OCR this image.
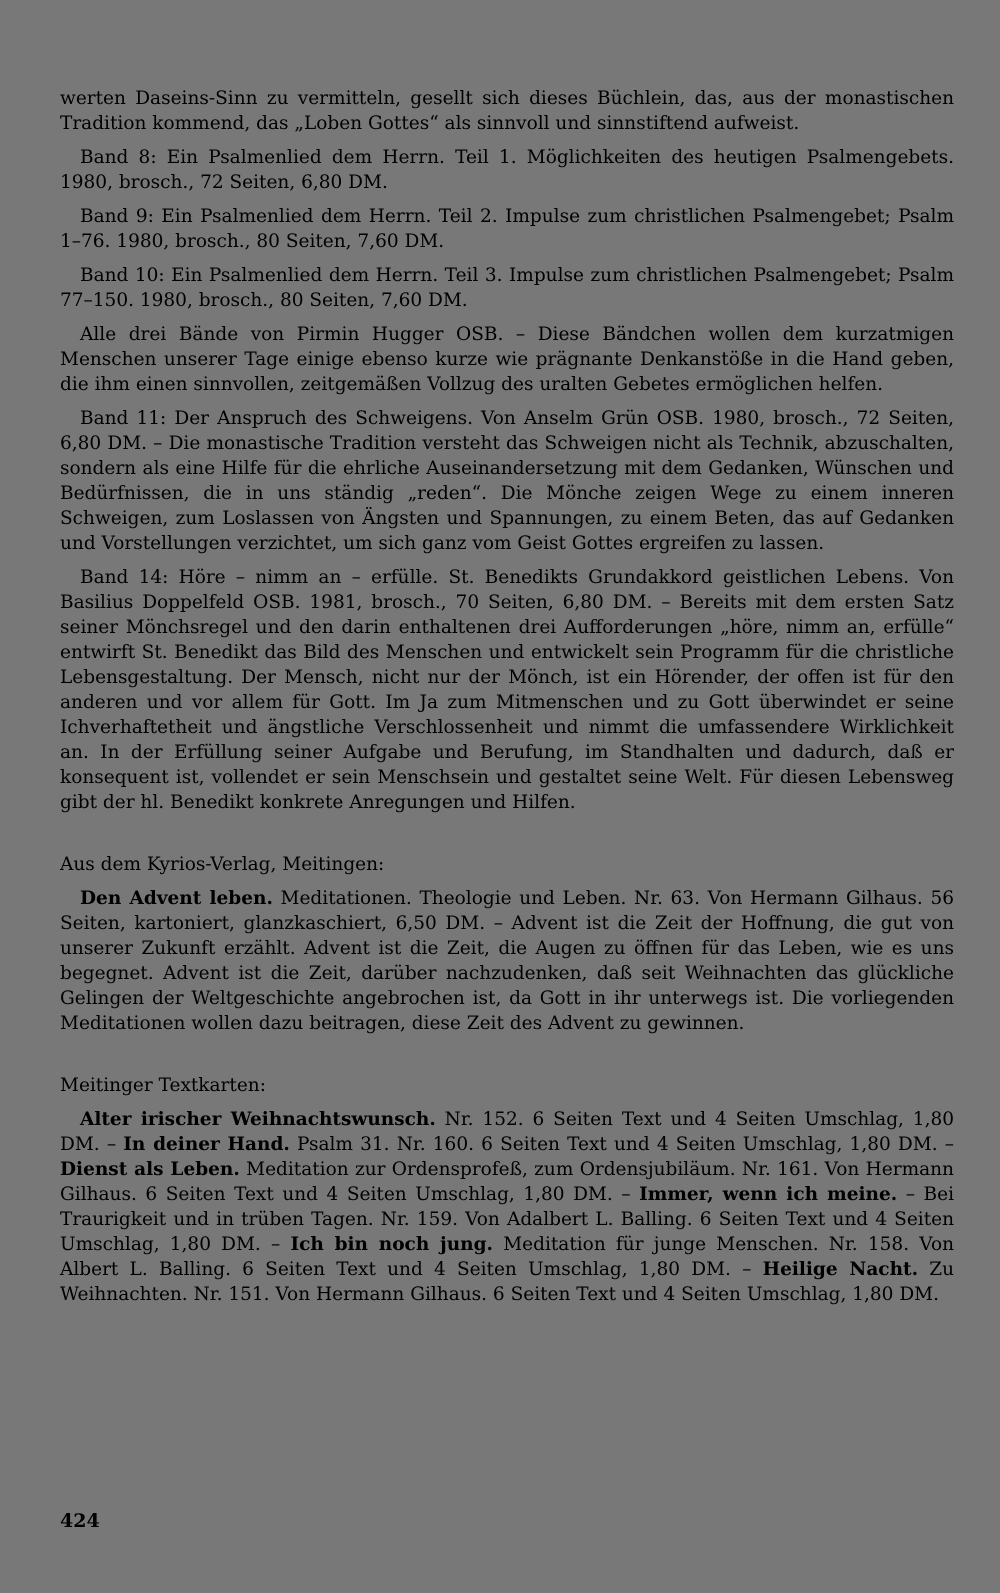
werten Daseins-Sinn zu vermitteln, gesellt sich dieses Büchlein, das, aus der monastischen Tradition kommend, das „Loben Gottes“ als sinnvoll und sinnstiftend aufweist.

Band 8: Ein Psalmenlied dem Herrn. Teil 1. Möglichkeiten des heutigen Psalmengebets. 1980, brosch., 72 Seiten, 6,80 DM.

Band 9: Ein Psalmenlied dem Herrn. Teil 2. Impulse zum christlichen Psalmengebet; Psalm 1–76. 1980, brosch., 80 Seiten, 7,60 DM.

Band 10: Ein Psalmenlied dem Herrn. Teil 3. Impulse zum christlichen Psalmengebet; Psalm 77–150. 1980, brosch., 80 Seiten, 7,60 DM.

Alle drei Bände von Pirmin Hugger OSB. – Diese Bändchen wollen dem kurzatmigen Menschen unserer Tage einige ebenso kurze wie prägnante Denkanstöße in die Hand geben, die ihm einen sinnvollen, zeitgemäßen Vollzug des uralten Gebetes ermöglichen helfen.

Band 11: Der Anspruch des Schweigens. Von Anselm Grün OSB. 1980, brosch., 72 Seiten, 6,80 DM. – Die monastische Tradition versteht das Schweigen nicht als Technik, abzuschalten, sondern als eine Hilfe für die ehrliche Auseinandersetzung mit dem Gedanken, Wünschen und Bedürfnissen, die in uns ständig „reden“. Die Mönche zeigen Wege zu einem inneren Schweigen, zum Loslassen von Ängsten und Spannungen, zu einem Beten, das auf Gedanken und Vorstellungen verzichtet, um sich ganz vom Geist Gottes ergreifen zu lassen.

Band 14: Höre – nimm an – erfülle. St. Benedikts Grundakkord geistlichen Lebens. Von Basilius Doppelfeld OSB. 1981, brosch., 70 Seiten, 6,80 DM. – Bereits mit dem ersten Satz seiner Mönchsregel und den darin enthaltenen drei Aufforderungen „höre, nimm an, erfülle“ entwirft St. Benedikt das Bild des Menschen und entwickelt sein Programm für die christliche Lebensgestaltung. Der Mensch, nicht nur der Mönch, ist ein Hörender, der offen ist für den anderen und vor allem für Gott. Im Ja zum Mitmenschen und zu Gott überwindet er seine Ichverhaftetheit und ängstliche Verschlossenheit und nimmt die umfassendere Wirklichkeit an. In der Erfüllung seiner Aufgabe und Berufung, im Standhalten und dadurch, daß er konsequent ist, vollendet er sein Menschsein und gestaltet seine Welt. Für diesen Lebensweg gibt der hl. Benedikt konkrete Anregungen und Hilfen.

Aus dem Kyrios-Verlag, Meitingen:

Den Advent leben. Meditationen. Theologie und Leben. Nr. 63. Von Hermann Gilhaus. 56 Seiten, kartoniert, glanzkaschiert, 6,50 DM. – Advent ist die Zeit der Hoffnung, die gut von unserer Zukunft erzählt. Advent ist die Zeit, die Augen zu öffnen für das Leben, wie es uns begegnet. Advent ist die Zeit, darüber nachzudenken, daß seit Weihnachten das glückliche Gelingen der Weltgeschichte angebrochen ist, da Gott in ihr unterwegs ist. Die vorliegenden Meditationen wollen dazu beitragen, diese Zeit des Advent zu gewinnen.

Meitinger Textkarten:

Alter irischer Weihnachtswunsch. Nr. 152. 6 Seiten Text und 4 Seiten Umschlag, 1,80 DM. – In deiner Hand. Psalm 31. Nr. 160. 6 Seiten Text und 4 Seiten Umschlag, 1,80 DM. – Dienst als Leben. Meditation zur Ordensprofeß, zum Ordensjubiläum. Nr. 161. Von Hermann Gilhaus. 6 Seiten Text und 4 Seiten Umschlag, 1,80 DM. – Immer, wenn ich meine. – Bei Traurigkeit und in trüben Tagen. Nr. 159. Von Adalbert L. Balling. 6 Seiten Text und 4 Seiten Umschlag, 1,80 DM. – Ich bin noch jung. Meditation für junge Menschen. Nr. 158. Von Albert L. Balling. 6 Seiten Text und 4 Seiten Umschlag, 1,80 DM. – Heilige Nacht. Zu Weihnachten. Nr. 151. Von Hermann Gilhaus. 6 Seiten Text und 4 Seiten Umschlag, 1,80 DM.

424
